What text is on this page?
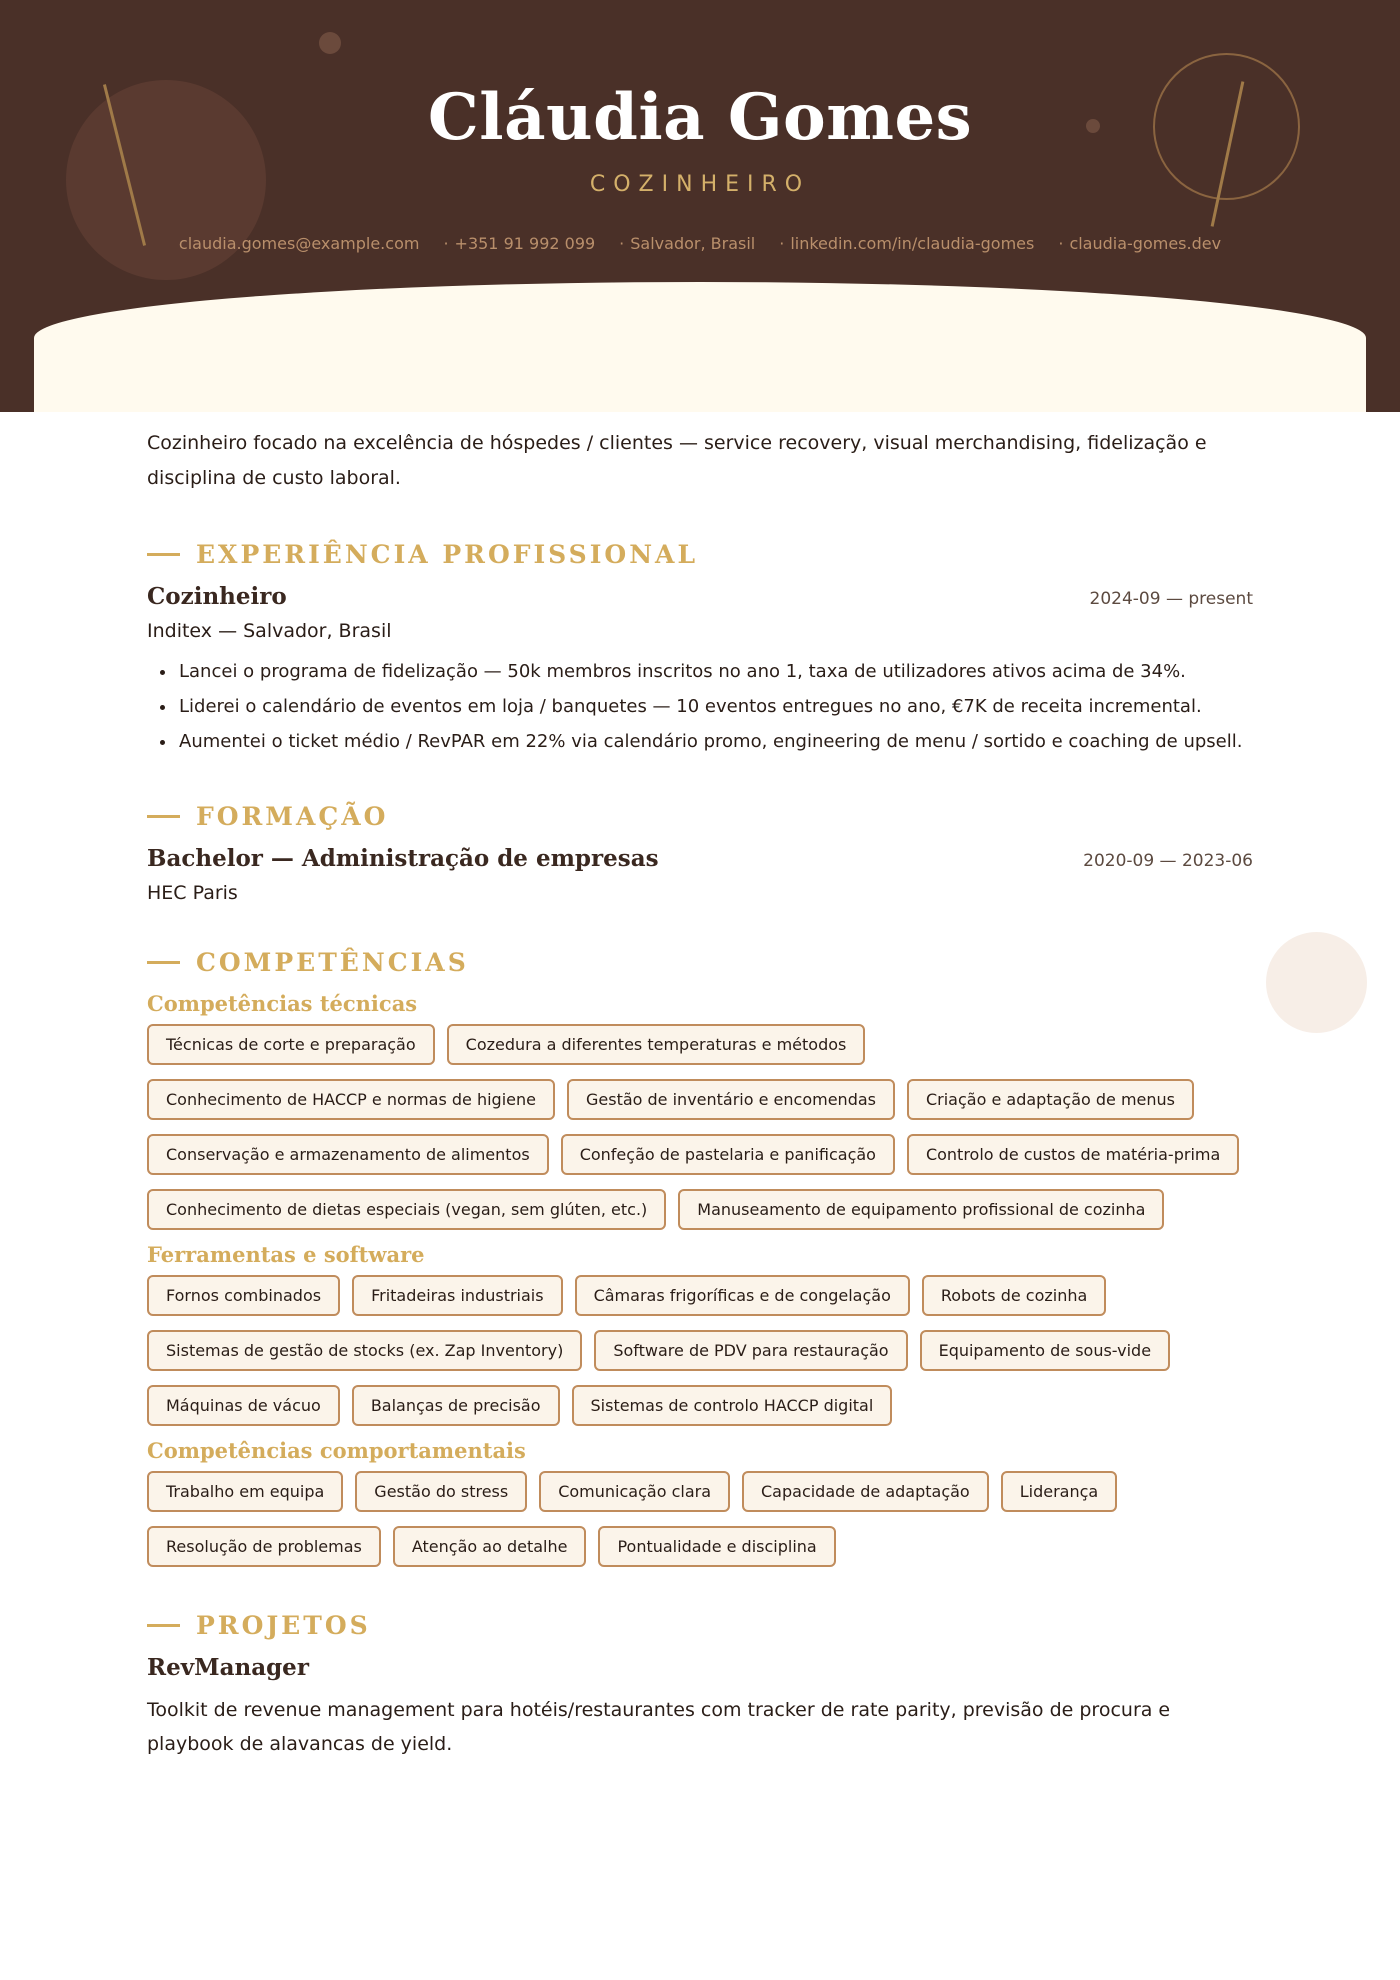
Cláudia Gomes
COZINHEIRO
claudia.gomes@example.com	· +351 91 992 099	· Salvador, Brasil	· linkedin.com/in/claudia-gomes	· claudia-gomes.dev

Cozinheiro focado na excelência de hóspedes / clientes — service recovery, visual merchandising, fidelização e disciplina de custo laboral.

EXPERIÊNCIA PROFISSIONAL
Cozinheiro	2024-09 — present
Inditex — Salvador, Brasil
• Lancei o programa de fidelização — 50k membros inscritos no ano 1, taxa de utilizadores ativos acima de 34%.
• Liderei o calendário de eventos em loja / banquetes — 10 eventos entregues no ano, €7K de receita incremental.
• Aumentei o ticket médio / RevPAR em 22% via calendário promo, engineering de menu / sortido e coaching de upsell.
FORMAÇÃO
Bachelor — Administração de empresas	2020-09 — 2023-06
HEC Paris
COMPETÊNCIAS
Competências técnicas
Técnicas de corte e preparação	Cozedura a diferentes temperaturas e métodos
Conhecimento de HACCP e normas de higiene	Gestão de inventário e encomendas	Criação e adaptação de menus
Conservação e armazenamento de alimentos	Confeção de pastelaria e panificação	Controlo de custos de matéria-prima
Conhecimento de dietas especiais (vegan, sem glúten, etc.)	Manuseamento de equipamento profissional de cozinha
Ferramentas e software
Fornos combinados	Fritadeiras industriais	Câmaras frigoríficas e de congelação	Robots de cozinha
Sistemas de gestão de stocks (ex. Zap Inventory)	Software de PDV para restauração	Equipamento de sous-vide
Máquinas de vácuo	Balanças de precisão	Sistemas de controlo HACCP digital
Competências comportamentais
Trabalho em equipa	Gestão do stress	Comunicação clara	Capacidade de adaptação	Liderança
Resolução de problemas	Atenção ao detalhe	Pontualidade e disciplina
PROJETOS
RevManager

Toolkit de revenue management para hotéis/restaurantes com tracker de rate parity, previsão de procura e playbook de alavancas de yield.
